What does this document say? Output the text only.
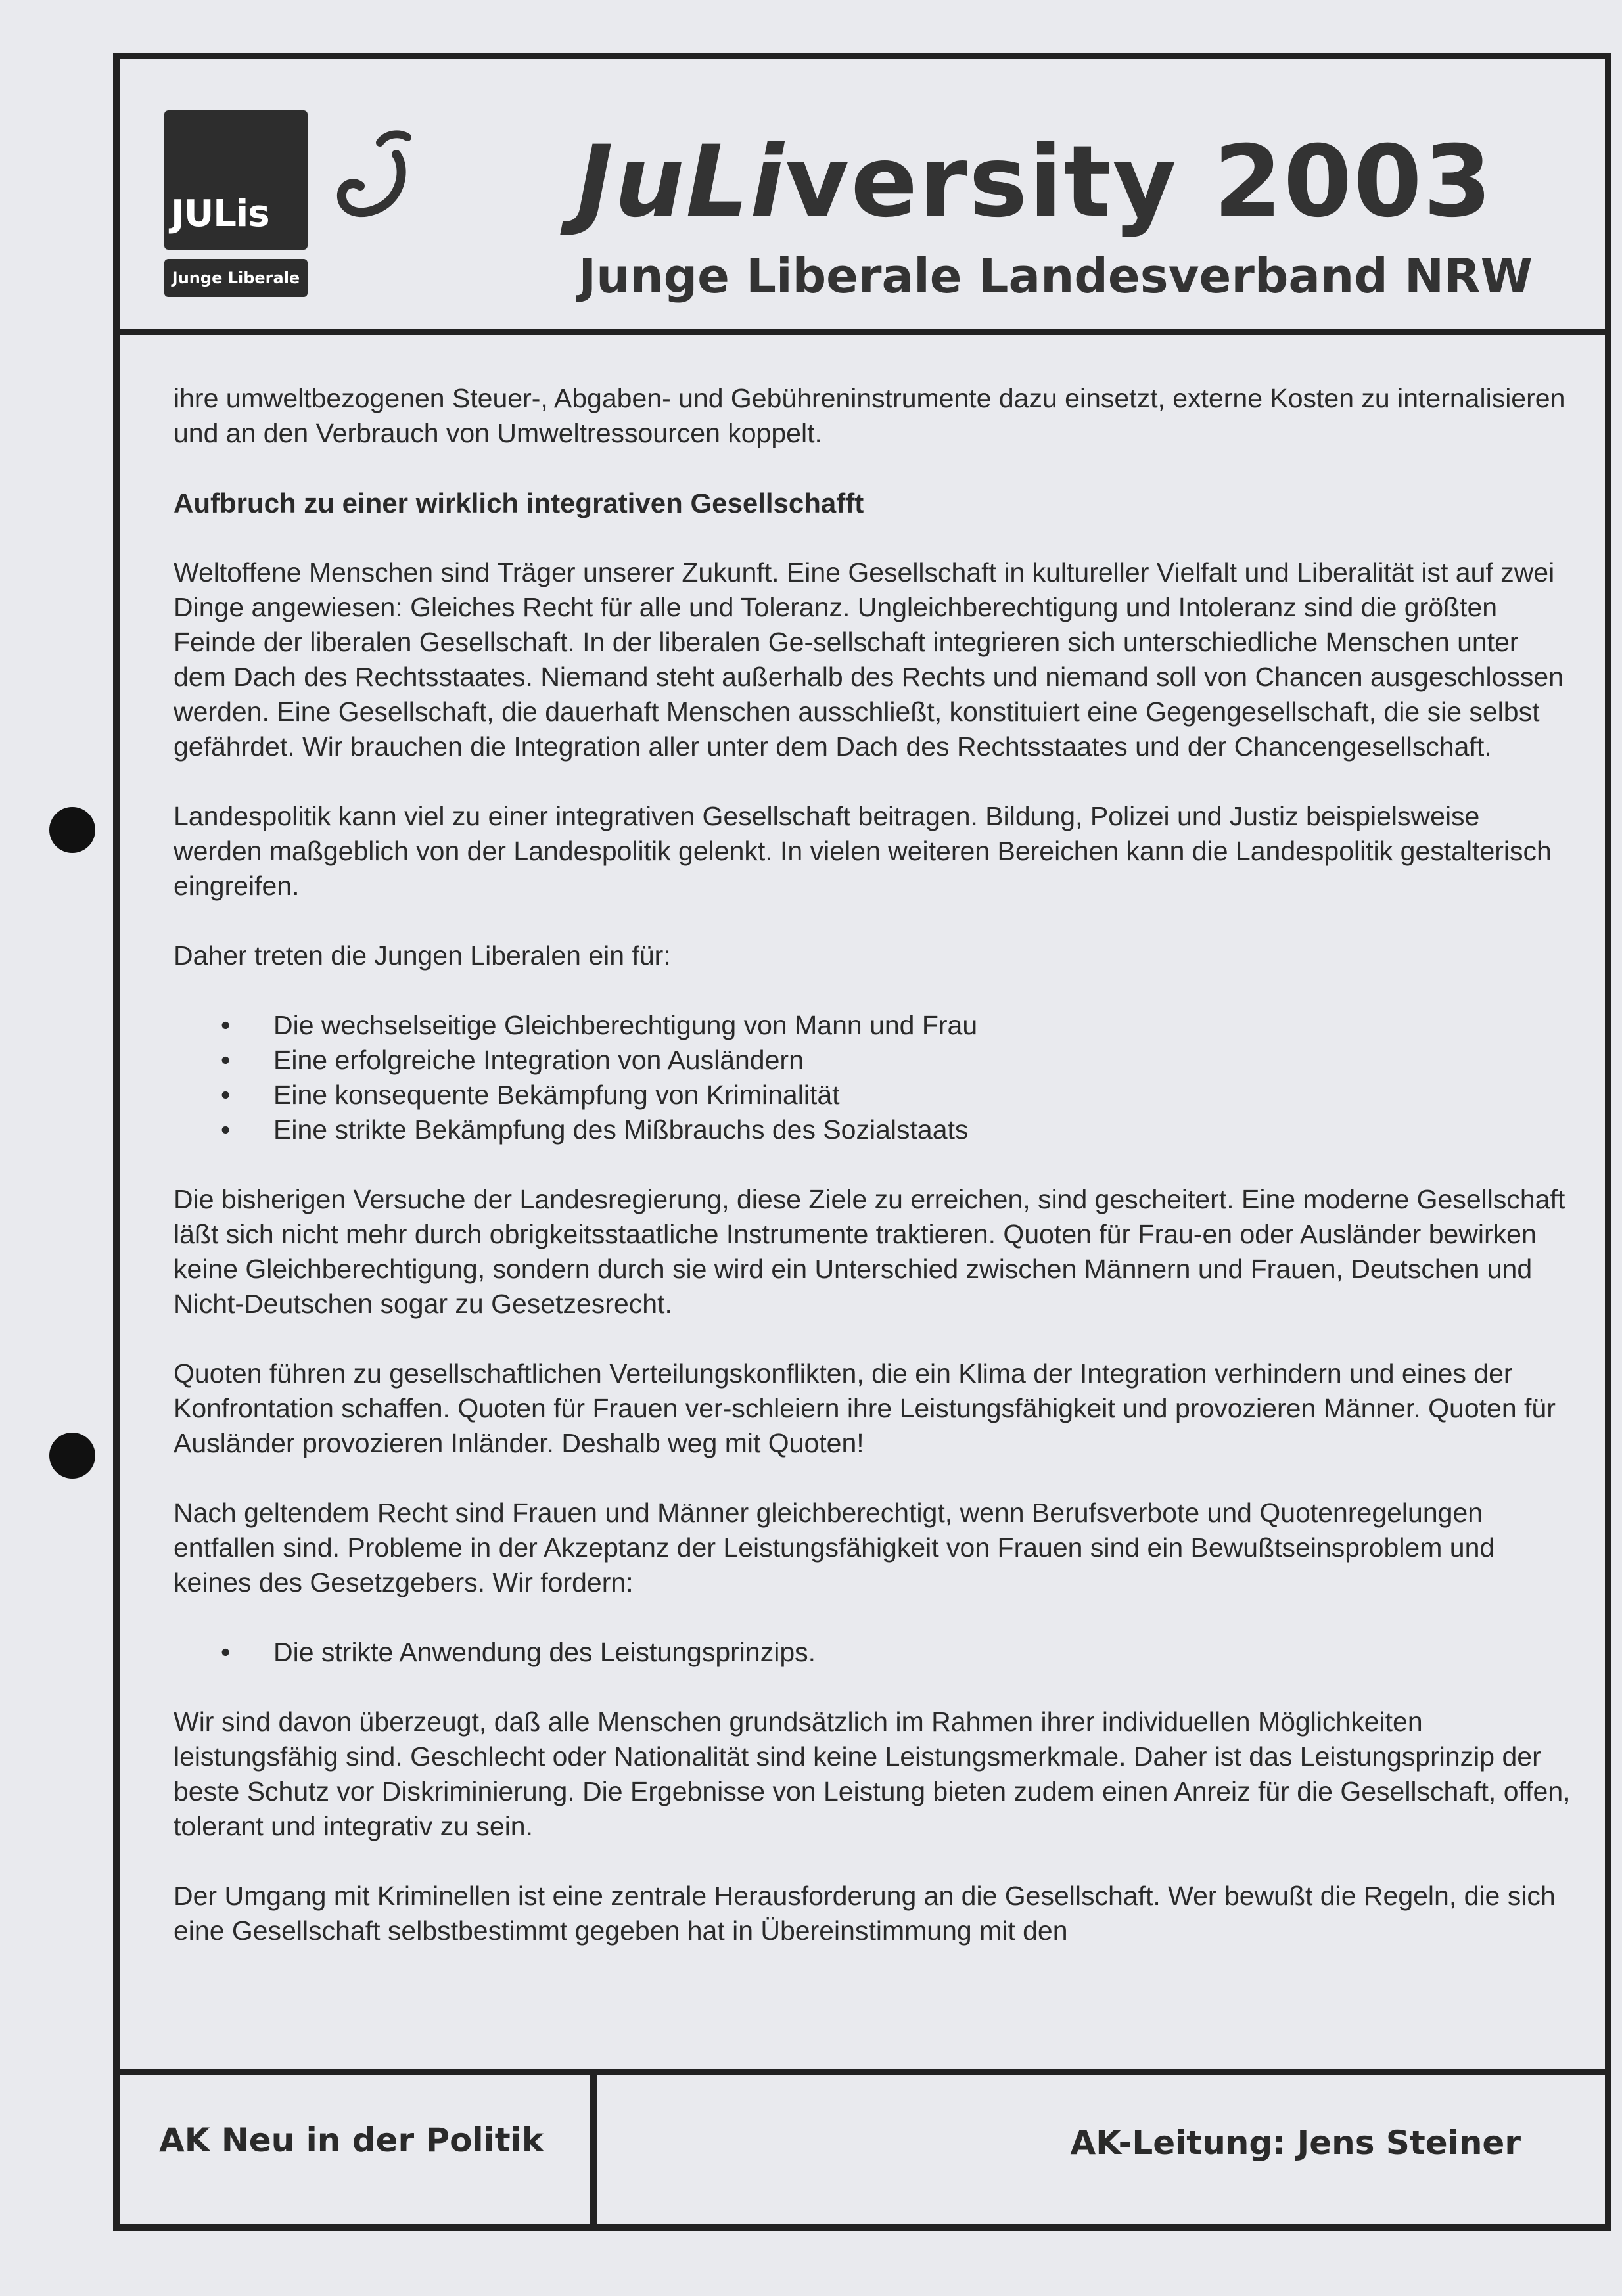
JULis
Junge Liberale
JuLiversity 2003
Junge Liberale Landesverband NRW

ihre umweltbezogenen Steuer-, Abgaben- und Gebühreninstrumente dazu einsetzt, externe Kosten zu internalisieren und an den Verbrauch von Umweltressourcen koppelt.

Aufbruch zu einer wirklich integrativen Gesellschafft

Weltoffene Menschen sind Träger unserer Zukunft. Eine Gesellschaft in kultureller Vielfalt und Liberalität ist auf zwei Dinge angewiesen: Gleiches Recht für alle und Toleranz. Ungleichberechtigung und Intoleranz sind die größten Feinde der liberalen Gesellschaft. In der liberalen Ge-sellschaft integrieren sich unterschiedliche Menschen unter dem Dach des Rechtsstaates. Niemand steht außerhalb des Rechts und niemand soll von Chancen ausgeschlossen werden. Eine Gesellschaft, die dauerhaft Menschen ausschließt, konstituiert eine Gegengesellschaft, die sie selbst gefährdet. Wir brauchen die Integration aller unter dem Dach des Rechtsstaates und der Chancengesellschaft.

Landespolitik kann viel zu einer integrativen Gesellschaft beitragen. Bildung, Polizei und Justiz beispielsweise werden maßgeblich von der Landespolitik gelenkt. In vielen weiteren Bereichen kann die Landespolitik gestalterisch eingreifen.

Daher treten die Jungen Liberalen ein für:

• Die wechselseitige Gleichberechtigung von Mann und Frau
• Eine erfolgreiche Integration von Ausländern
• Eine konsequente Bekämpfung von Kriminalität
• Eine strikte Bekämpfung des Mißbrauchs des Sozialstaats

Die bisherigen Versuche der Landesregierung, diese Ziele zu erreichen, sind gescheitert. Eine moderne Gesellschaft läßt sich nicht mehr durch obrigkeitsstaatliche Instrumente traktieren. Quoten für Frau-en oder Ausländer bewirken keine Gleichberechtigung, sondern durch sie wird ein Unterschied zwischen Männern und Frauen, Deutschen und Nicht-Deutschen sogar zu Gesetzesrecht.

Quoten führen zu gesellschaftlichen Verteilungskonflikten, die ein Klima der Integration verhindern und eines der Konfrontation schaffen. Quoten für Frauen ver-schleiern ihre Leistungsfähigkeit und provozieren Männer. Quoten für Ausländer provozieren Inländer. Deshalb weg mit Quoten!

Nach geltendem Recht sind Frauen und Männer gleichberechtigt, wenn Berufsverbote und Quotenregelungen entfallen sind. Probleme in der Akzeptanz der Leistungsfähigkeit von Frauen sind ein Bewußtseinsproblem und keines des Gesetzgebers. Wir fordern:

• Die strikte Anwendung des Leistungsprinzips.

Wir sind davon überzeugt, daß alle Menschen grundsätzlich im Rahmen ihrer individuellen Möglichkeiten leistungsfähig sind. Geschlecht oder Nationalität sind keine Leistungsmerkmale. Daher ist das Leistungsprinzip der beste Schutz vor Diskriminierung. Die Ergebnisse von Leistung bieten zudem einen Anreiz für die Gesellschaft, offen, tolerant und integrativ zu sein.

Der Umgang mit Kriminellen ist eine zentrale Herausforderung an die Gesellschaft. Wer bewußt die Regeln, die sich eine Gesellschaft selbstbestimmt gegeben hat in Übereinstimmung mit den

AK Neu in der Politik	AK-Leitung: Jens Steiner
